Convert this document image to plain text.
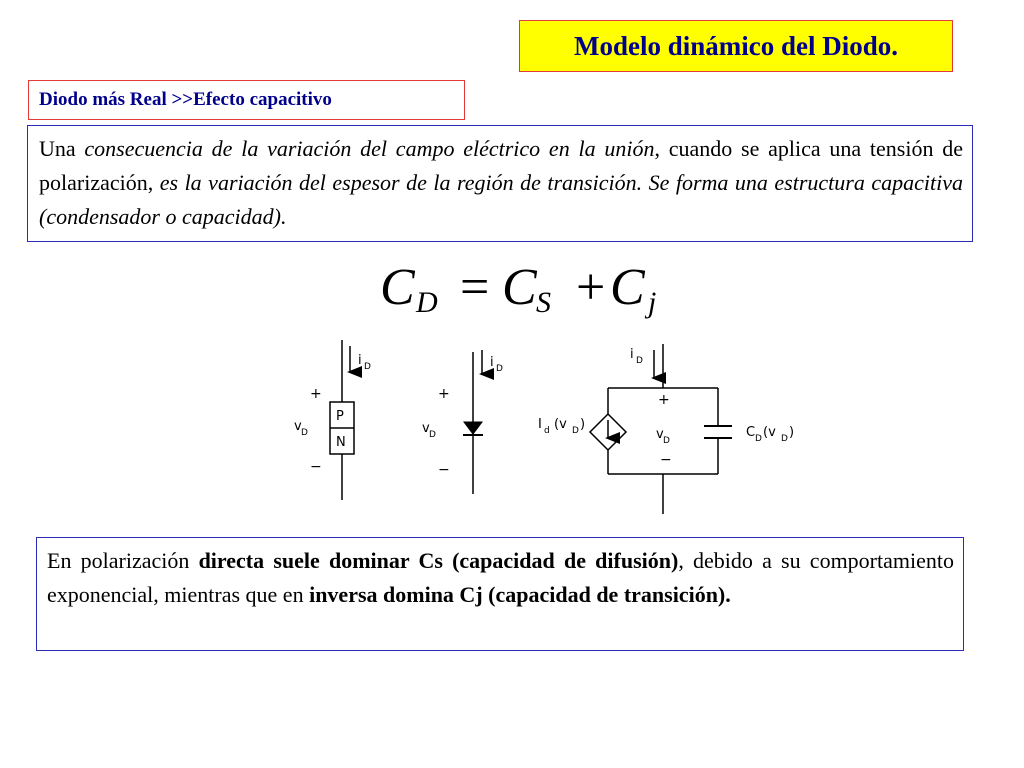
Modelo dinámico del Diodo.
Diodo más Real >>Efecto capacitivo
Una consecuencia de la variación del campo eléctrico en la unión, cuando se aplica una tensión de polarización, es la variación del espesor de la región de transición. Se forma una estructura capacitiva (condensador o capacidad).
C D = C S + C j
P
N
i D
+
v D
−
i D
+
v D
−
i D
+
v D
−
I d (v D )
C D (v D )
En polarización directa suele dominar Cs (capacidad de difusión), debido a su comportamiento exponencial, mientras que en inversa domina Cj (capacidad de transición).
